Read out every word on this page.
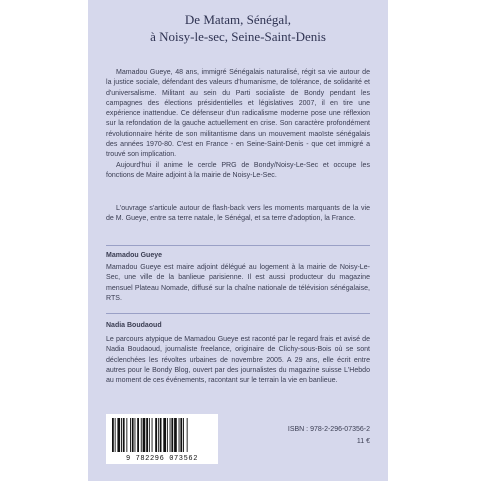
De Matam, Sénégal,
à Noisy-le-sec, Seine-Saint-Denis

Mamadou Gueye, 48 ans, immigré Sénégalais naturalisé, régit sa vie autour de la justice sociale, défendant des valeurs d'humanisme, de tolérance, de solidarité et d'universalisme. Militant au sein du Parti socialiste de Bondy pendant les campagnes des élections présidentielles et législatives 2007, il en tire une expérience inattendue. Ce défenseur d'un radicalisme moderne pose une réflexion sur la refondation de la gauche actuellement en crise. Son caractère profondément révolutionnaire hérite de son militantisme dans un mouvement maoïste sénégalais des années 1970-80. C'est en France - en Seine-Saint-Denis - que cet immigré a trouvé son implication.

Aujourd'hui il anime le cercle PRG de Bondy/Noisy-Le-Sec et occupe les fonctions de Maire adjoint à la mairie de Noisy-Le-Sec.

L'ouvrage s'articule autour de flash-back vers les moments marquants de la vie de M. Gueye, entre sa terre natale, le Sénégal, et sa terre d'adoption, la France.

Mamadou Gueye

Mamadou Gueye est maire adjoint délégué au logement à la mairie de Noisy-Le-Sec, une ville de la banlieue parisienne. Il est aussi producteur du magazine mensuel Plateau Nomade, diffusé sur la chaîne nationale de télévision sénégalaise, RTS.

Nadia Boudaoud

Le parcours atypique de Mamadou Gueye est raconté par le regard frais et avisé de Nadia Boudaoud, journaliste freelance, originaire de Clichy-sous-Bois où se sont déclenchées les révoltes urbaines de novembre 2005. A 29 ans, elle écrit entre autres pour le Bondy Blog, ouvert par des journalistes du magazine suisse L'Hebdo au moment de ces événements, racontant sur le terrain la vie en banlieue.

9 782296 073562
ISBN : 978-2-296-07356-2
11 €
